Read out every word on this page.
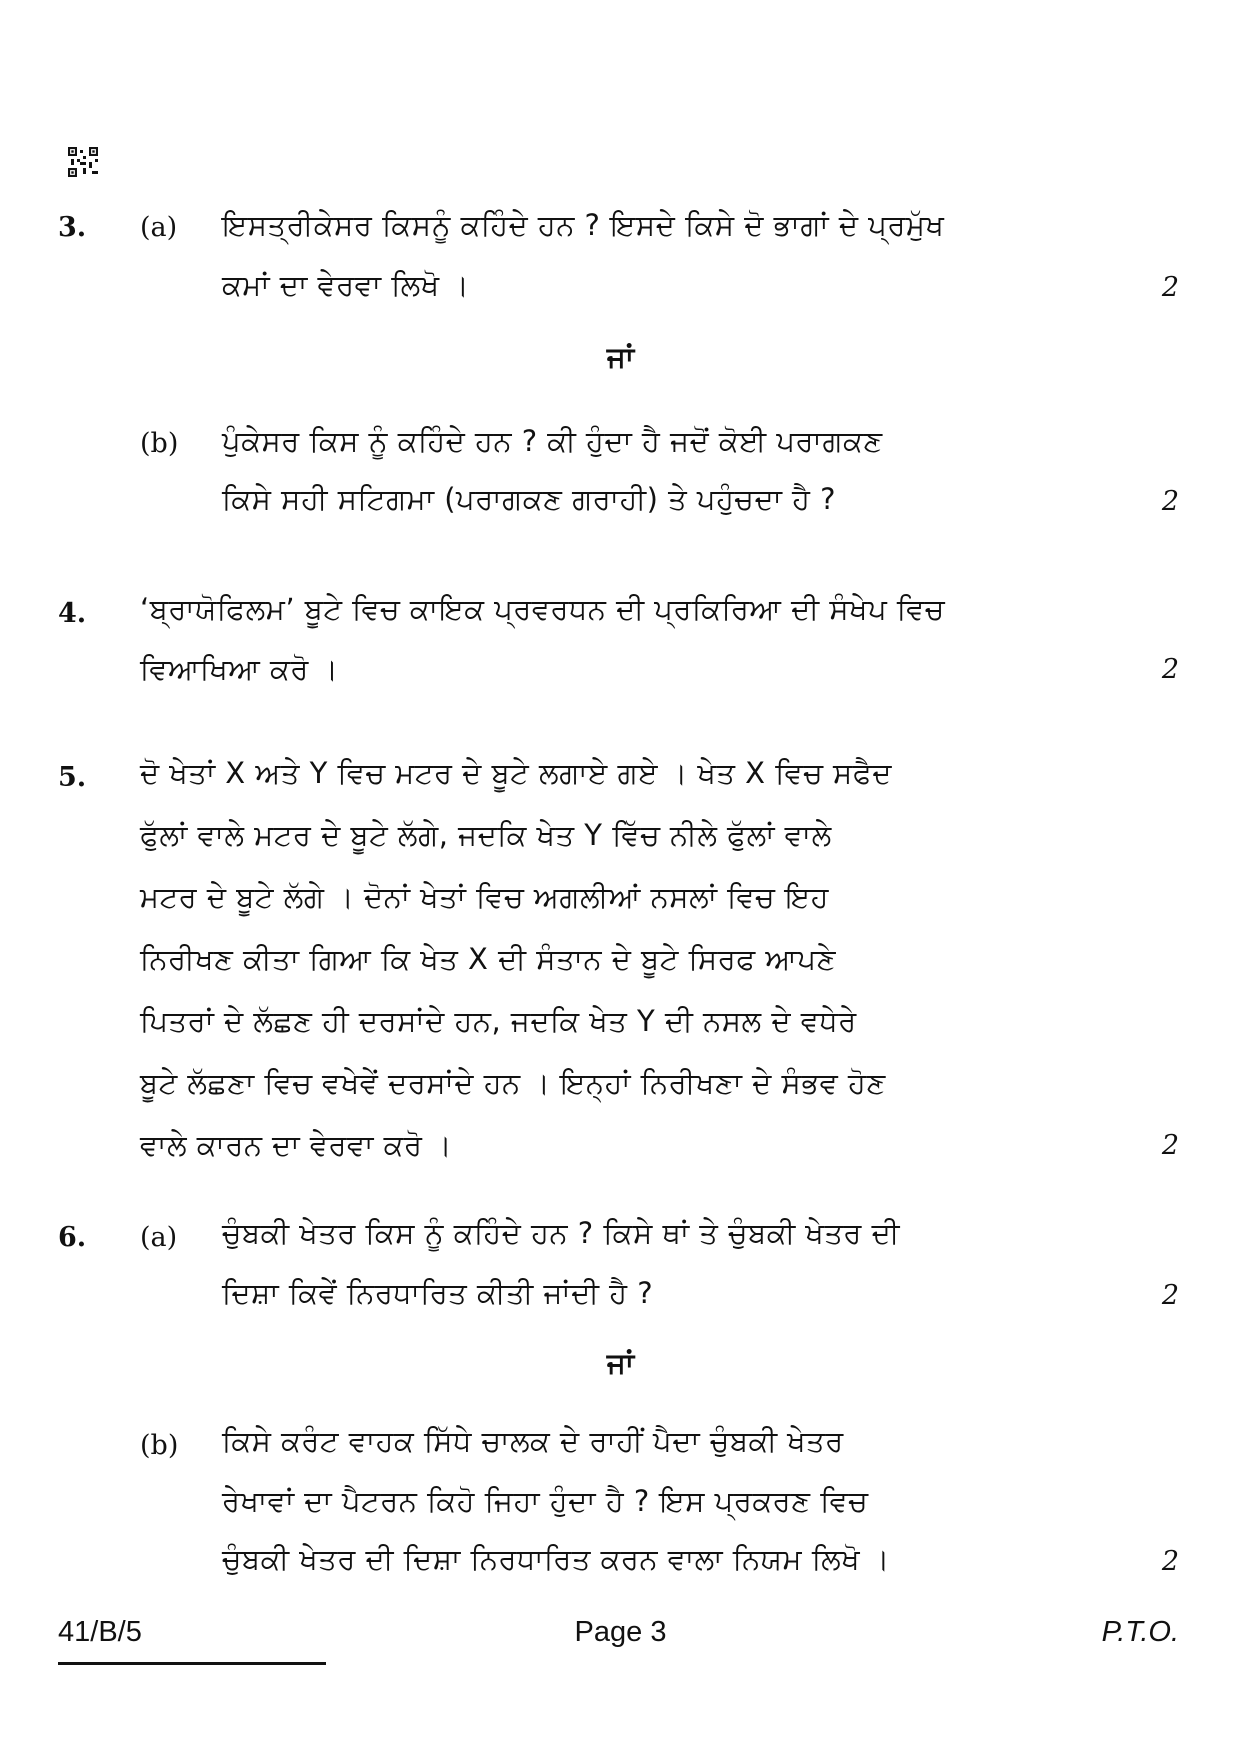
3. (a) ਇਸਤ੍ਰੀਕੇਸਰ ਕਿਸਨੂੰ ਕਹਿੰਦੇ ਹਨ ? ਇਸਦੇ ਕਿਸੇ ਦੋ ਭਾਗਾਂ ਦੇ ਪ੍ਰਮੁੱਖ
ਕਮਾਂ ਦਾ ਵੇਰਵਾ ਲਿਖੋ ।	2
ਜਾਂ
(b) ਪੁੰਕੇਸਰ ਕਿਸ ਨੂੰ ਕਹਿੰਦੇ ਹਨ ? ਕੀ ਹੁੰਦਾ ਹੈ ਜਦੋਂ ਕੋਈ ਪਰਾਗਕਣ
ਕਿਸੇ ਸਹੀ ਸਟਿਗਮਾ (ਪਰਾਗਕਣ ਗਰਾਹੀ) ਤੇ ਪਹੁੰਚਦਾ ਹੈ ?	2
4. ‘ਬ੍ਰਾਯੋਫਿਲਮ’ ਬੂਟੇ ਵਿਚ ਕਾਇਕ ਪ੍ਰਵਰਧਨ ਦੀ ਪ੍ਰਕਿਰਿਆ ਦੀ ਸੰਖੇਪ ਵਿਚ
ਵਿਆਖਿਆ ਕਰੋ ।	2
5. ਦੋ ਖੇਤਾਂ X ਅਤੇ Y ਵਿਚ ਮਟਰ ਦੇ ਬੂਟੇ ਲਗਾਏ ਗਏ । ਖੇਤ X ਵਿਚ ਸਫੈਦ
ਫੁੱਲਾਂ ਵਾਲੇ ਮਟਰ ਦੇ ਬੂਟੇ ਲੱਗੇ, ਜਦਕਿ ਖੇਤ Y ਵਿੱਚ ਨੀਲੇ ਫੁੱਲਾਂ ਵਾਲੇ
ਮਟਰ ਦੇ ਬੂਟੇ ਲੱਗੇ । ਦੋਨਾਂ ਖੇਤਾਂ ਵਿਚ ਅਗਲੀਆਂ ਨਸਲਾਂ ਵਿਚ ਇਹ
ਨਿਰੀਖਣ ਕੀਤਾ ਗਿਆ ਕਿ ਖੇਤ X ਦੀ ਸੰਤਾਨ ਦੇ ਬੂਟੇ ਸਿਰਫ ਆਪਣੇ
ਪਿਤਰਾਂ ਦੇ ਲੱਛਣ ਹੀ ਦਰਸਾਂਦੇ ਹਨ, ਜਦਕਿ ਖੇਤ Y ਦੀ ਨਸਲ ਦੇ ਵਧੇਰੇ
ਬੂਟੇ ਲੱਛਣਾ ਵਿਚ ਵਖੇਵੇਂ ਦਰਸਾਂਦੇ ਹਨ । ਇਨ੍ਹਾਂ ਨਿਰੀਖਣਾ ਦੇ ਸੰਭਵ ਹੋਣ
ਵਾਲੇ ਕਾਰਨ ਦਾ ਵੇਰਵਾ ਕਰੋ ।	2
6. (a) ਚੁੰਬਕੀ ਖੇਤਰ ਕਿਸ ਨੂੰ ਕਹਿੰਦੇ ਹਨ ? ਕਿਸੇ ਥਾਂ ਤੇ ਚੁੰਬਕੀ ਖੇਤਰ ਦੀ
ਦਿਸ਼ਾ ਕਿਵੇਂ ਨਿਰਧਾਰਿਤ ਕੀਤੀ ਜਾਂਦੀ ਹੈ ?	2
ਜਾਂ
(b) ਕਿਸੇ ਕਰੰਟ ਵਾਹਕ ਸਿੱਧੇ ਚਾਲਕ ਦੇ ਰਾਹੀਂ ਪੈਦਾ ਚੁੰਬਕੀ ਖੇਤਰ
ਰੇਖਾਵਾਂ ਦਾ ਪੈਟਰਨ ਕਿਹੋ ਜਿਹਾ ਹੁੰਦਾ ਹੈ ? ਇਸ ਪ੍ਰਕਰਣ ਵਿਚ
ਚੁੰਬਕੀ ਖੇਤਰ ਦੀ ਦਿਸ਼ਾ ਨਿਰਧਾਰਿਤ ਕਰਨ ਵਾਲਾ ਨਿਯਮ ਲਿਖੋ ।	2
41/B/5	Page 3	P.T.O.
